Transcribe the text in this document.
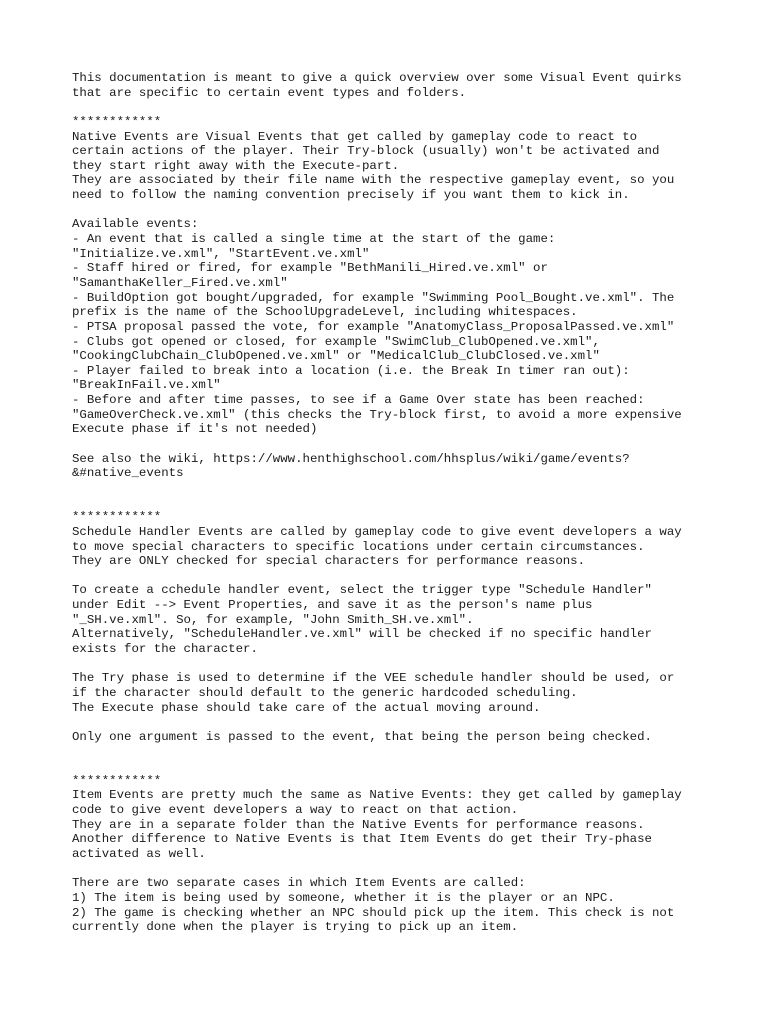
This documentation is meant to give a quick overview over some Visual Event quirks
that are specific to certain event types and folders.
************
Native Events are Visual Events that get called by gameplay code to react to
certain actions of the player. Their Try-block (usually) won't be activated and
they start right away with the Execute-part.
They are associated by their file name with the respective gameplay event, so you
need to follow the naming convention precisely if you want them to kick in.
Available events:
- An event that is called a single time at the start of the game:
"Initialize.ve.xml", "StartEvent.ve.xml"
- Staff hired or fired, for example "BethManili_Hired.ve.xml" or
"SamanthaKeller_Fired.ve.xml"
- BuildOption got bought/upgraded, for example "Swimming Pool_Bought.ve.xml". The
prefix is the name of the SchoolUpgradeLevel, including whitespaces.
- PTSA proposal passed the vote, for example "AnatomyClass_ProposalPassed.ve.xml"
- Clubs got opened or closed, for example "SwimClub_ClubOpened.ve.xml",
"CookingClubChain_ClubOpened.ve.xml" or "MedicalClub_ClubClosed.ve.xml"
- Player failed to break into a location (i.e. the Break In timer ran out):
"BreakInFail.ve.xml"
- Before and after time passes, to see if a Game Over state has been reached:
"GameOverCheck.ve.xml" (this checks the Try-block first, to avoid a more expensive
Execute phase if it's not needed)
See also the wiki, https://www.henthighschool.com/hhsplus/wiki/game/events?
&#native_events
************
Schedule Handler Events are called by gameplay code to give event developers a way
to move special characters to specific locations under certain circumstances.
They are ONLY checked for special characters for performance reasons.
To create a cchedule handler event, select the trigger type "Schedule Handler"
under Edit --> Event Properties, and save it as the person's name plus
"_SH.ve.xml". So, for example, "John Smith_SH.ve.xml".
Alternatively, "ScheduleHandler.ve.xml" will be checked if no specific handler
exists for the character.
The Try phase is used to determine if the VEE schedule handler should be used, or
if the character should default to the generic hardcoded scheduling.
The Execute phase should take care of the actual moving around.
Only one argument is passed to the event, that being the person being checked.
************
Item Events are pretty much the same as Native Events: they get called by gameplay
code to give event developers a way to react on that action.
They are in a separate folder than the Native Events for performance reasons.
Another difference to Native Events is that Item Events do get their Try-phase
activated as well.
There are two separate cases in which Item Events are called:
1) The item is being used by someone, whether it is the player or an NPC.
2) The game is checking whether an NPC should pick up the item. This check is not
currently done when the player is trying to pick up an item.
